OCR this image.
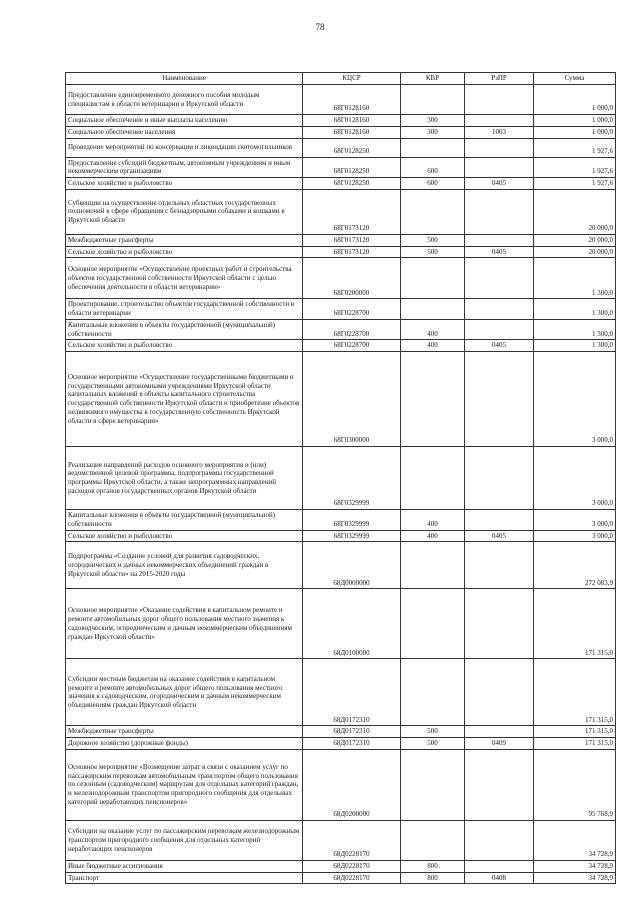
78
Наименование	КЦСР	КВР	РзПР	Сумма
Предоставление единовременного денежного пособия молодым специалистам в области ветеринарии в Иркутской области	68Г0128160			1 000,0
Социальное обеспечение и иные выплаты населению	68Г0128160	300		1 000,0
Социальное обеспечение населения	68Г0128160	300	1003	1 000,0
Проведение мероприятий по консервации и ликвидации скотомогильников	68Г0128250			1 927,6
Предоставление субсидий бюджетным, автономным учреждениям и иным некоммерческим организациям	68Г0128250	600		1 927,6
Сельское хозяйство и рыболовство	68Г0128250	600	0405	1 927,6
Субвенции на осуществление отдельных областных государственных полномочий в сфере обращения с безнадзорными собаками и кошками в Иркутской области	68Г0173120			20 000,0
Межбюджетные трансферты	68Г0173120	500		20 000,0
Сельское хозяйство и рыболовство	68Г0173120	500	0405	20 000,0
Основное мероприятие «Осуществление проектных работ и строительства объектов государственной собственности Иркутской области с целью обеспечения деятельности в области ветеринарии»	68Г0200000			1 300,0
Проектирование, строительство объектов государственной собственности в области ветеринарии	68Г0228700			1 300,0
Капитальные вложения в объекты государственной (муниципальной) собственности	68Г0228700	400		1 300,0
Сельское хозяйство и рыболовство	68Г0228700	400	0405	1 300,0
Основное мероприятие «Осуществление государственными бюджетными и государственными автономными учреждениями Иркутской области капитальных вложений в объекты капитального строительства государственной собственности Иркутской области и приобретение объектов недвижимого имущества в государственную собственность Иркутской области в сфере ветеринарии»	68Г0300000			3 000,0
Реализация направлений расходов основного мероприятия и (или) ведомственной целевой программы, подпрограммы государственной программы Иркутской области, а также непрограммных направлений расходов органов государственных органов Иркутской области	68Г0329999			3 000,0
Капитальные вложения в объекты государственной (муниципальной) собственности	68Г0329999	400		3 000,0
Сельское хозяйство и рыболовство	68Г0329999	400	0405	3 000,0
Подпрограмма «Создание условий для развития садоводческих, огороднических и дачных некоммерческих объединений граждан в Иркутской области» на 2015-2020 годы	68Д0000000			272 083,9
Основное мероприятие «Оказание содействия в капитальном ремонте и ремонте автомобильных дорог общего пользования местного значения к садоводческим, огородническим и дачным некоммерческим объединениям граждан Иркутской области»	68Д0100000			171 315,0
Субсидии местным бюджетам на оказание содействия в капитальном ремонте и ремонте автомобильных дорог общего пользования местного значения к садоводческим, огородническим и дачным некоммерческим объединениям граждан Иркутской области	68Д0172310			171 315,0
Межбюджетные трансферты	68Д0172310	500		171 315,0
Дорожное хозяйство (дорожные фонды)	68Д0172310	500	0409	171 315,0
Основное мероприятие «Возмещение затрат в связи с оказанием услуг по пассажирским перевозкам автомобильным транспортом общего пользования по сезонным (садоводческим) маршрутам для отдельных категорий граждан, и железнодорожным транспортом пригородного сообщения для отдельных категорий неработающих пенсионеров»	68Д0200000			95 768,9
Субсидии на оказание услуг по пассажирским перевозкам железнодорожным транспортом пригородного сообщения для отдельных категорий неработающих пенсионеров	68Д0228170			34 728,9
Иные бюджетные ассигнования	68Д0228170	800		34 728,9
Транспорт	68Д0228170	800	0408	34 728,9
